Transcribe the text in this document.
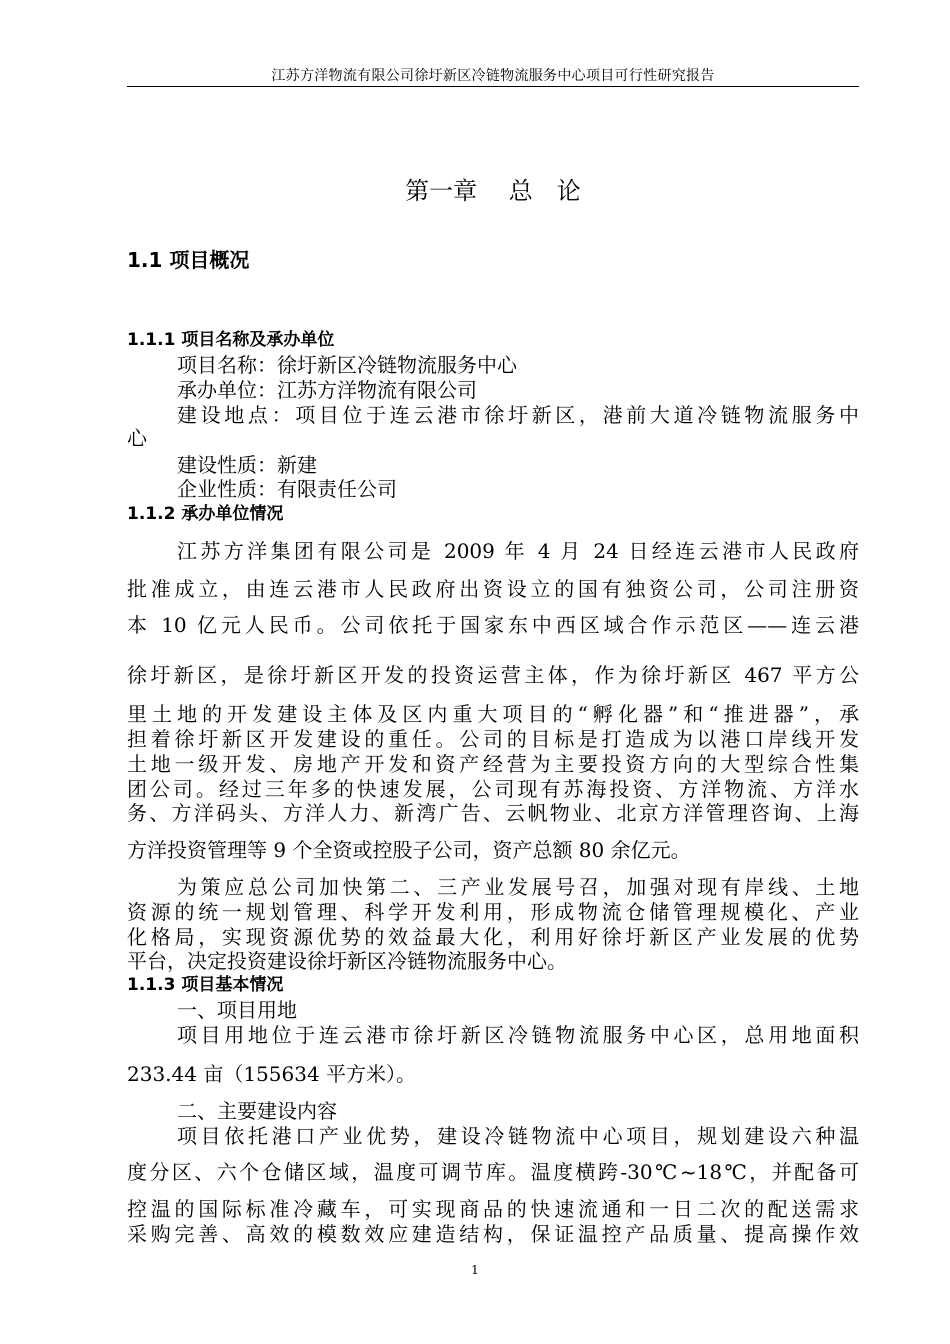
江苏方洋物流有限公司徐圩新区冷链物流服务中心项目可行性研究报告
第一章　 总　论
1.1 项目概况
1.1.1 项目名称及承办单位
项目名称：徐圩新区冷链物流服务中心
承办单位：江苏方洋物流有限公司
建设地点：项目位于连云港市徐圩新区，港前大道冷链物流服务中
心
建设性质：新建
企业性质：有限责任公司
1.1.2 承办单位情况
江苏方洋集团有限公司是 2009 年 4 月 24 日经连云港市人民政府
批准成立，由连云港市人民政府出资设立的国有独资公司，公司注册资
本 10 亿元人民币。公司依托于国家东中西区域合作示范区——连云港
徐圩新区，是徐圩新区开发的投资运营主体，作为徐圩新区 467 平方公
里土地的开发建设主体及区内重大项目的“孵化器”和“推进器”，承
担着徐圩新区开发建设的重任。公司的目标是打造成为以港口岸线开发
土地一级开发、房地产开发和资产经营为主要投资方向的大型综合性集
团公司。经过三年多的快速发展，公司现有苏海投资、方洋物流、方洋水
务、方洋码头、方洋人力、新湾广告、云帆物业、北京方洋管理咨询、上海
方洋投资管理等 9 个全资或控股子公司，资产总额 80 余亿元。
为策应总公司加快第二、三产业发展号召，加强对现有岸线、土地
资源的统一规划管理、科学开发利用，形成物流仓储管理规模化、产业
化格局，实现资源优势的效益最大化，利用好徐圩新区产业发展的优势
平台，决定投资建设徐圩新区冷链物流服务中心。
1.1.3 项目基本情况
一、项目用地
项目用地位于连云港市徐圩新区冷链物流服务中心区，总用地面积
233.44 亩（155634 平方米）。
二、主要建设内容
项目依托港口产业优势，建设冷链物流中心项目，规划建设六种温
度分区、六个仓储区域，温度可调节库。温度横跨-30℃~18℃，并配备可
控温的国际标准冷藏车，可实现商品的快速流通和一日二次的配送需求
采购完善、高效的模数效应建造结构，保证温控产品质量、提高操作效
1
